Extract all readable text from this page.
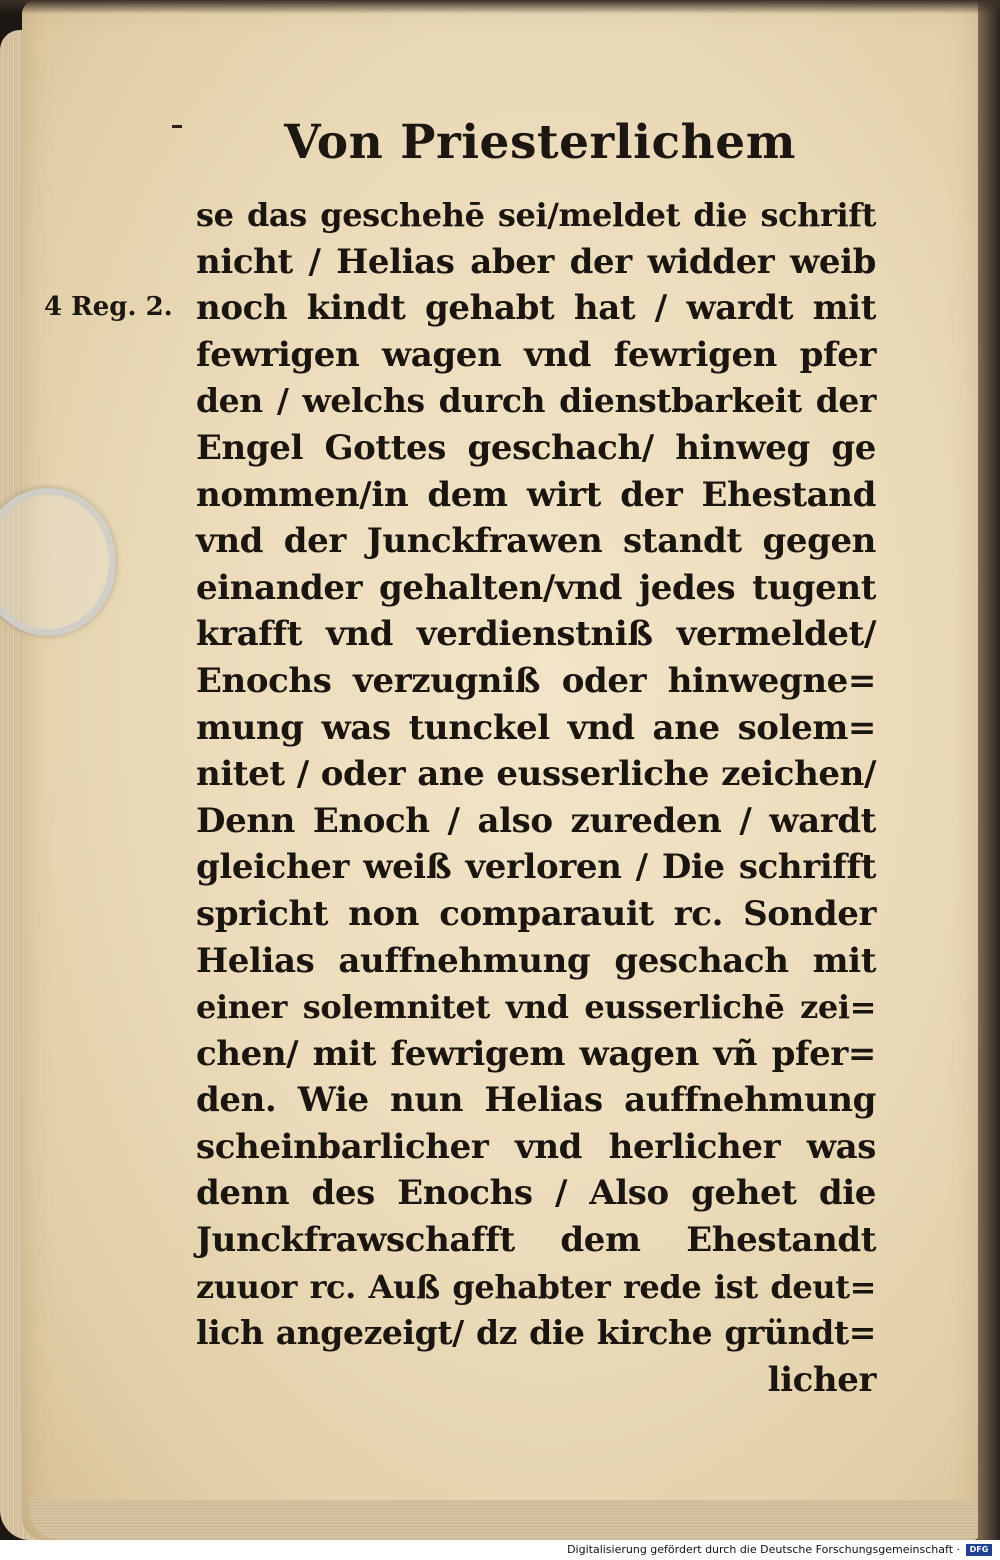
Von Priesterlichem
4 Reg. 2.
se das geschehē sei/meldet die schrift
nicht / Helias aber der widder weib
noch kindt gehabt hat / wardt mit
fewrigen wagen vnd fewrigen pfer
den / welchs durch dienstbarkeit der
Engel Gottes geschach/ hinweg ge
nommen/in dem wirt der Ehestand
vnd der Junckfrawen standt gegen
einander gehalten/vnd jedes tugent
krafft vnd verdienstniß vermeldet/
Enochs verzugniß oder hinwegne=
mung was tunckel vnd ane solem=
nitet / oder ane eusserliche zeichen/
Denn Enoch / also zureden / wardt
gleicher weiß verloren / Die schrifft
spricht non comparauit rc. Sonder
Helias auffnehmung geschach mit
einer solemnitet vnd eusserlichē zei=
chen/ mit fewrigem wagen vñ pfer=
den. Wie nun Helias auffnehmung
scheinbarlicher vnd herlicher was
denn des Enochs / Also gehet die
Junckfrawschafft dem Ehestandt
zuuor rc. Auß gehabter rede ist deut=
lich angezeigt/ dz die kirche gründt=
licher
Digitalisierung gefördert durch die Deutsche Forschungsgemeinschaft ·	DFG
